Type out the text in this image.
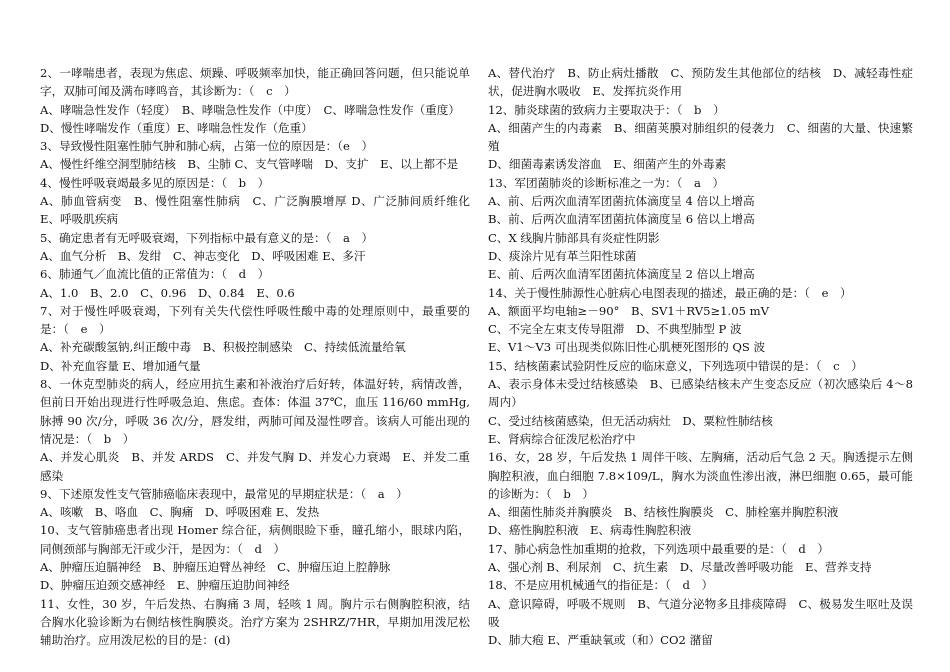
2、一哮喘患者，表现为焦虑、烦躁、呼吸频率加快，能正确回答问题，但只能说单字，双肺可闻及满布哮鸣音，其诊断为：（　c　）

A、哮喘急性发作（轻度）　B、哮喘急性发作（中度）　C、哮喘急性发作（重度）

D、慢性哮喘发作（重度）E、哮喘急性发作（危重）

3、导致慢性阻塞性肺气肿和肺心病，占第一位的原因是：（e　）

A、慢性纤维空洞型肺结核　B、尘肺 C、支气管哮喘　D、支扩　E、以上都不是

4、慢性呼吸衰竭最多见的原因是：（　b　）

A、肺血管病变　B、慢性阻塞性肺病　C、广泛胸膜增厚 D、广泛肺间质纤维化　E、呼吸肌疾病

5、确定患者有无呼吸衰竭，下列指标中最有意义的是：（　a　）

A、血气分析　B、发绀　C、神志变化　D、呼吸困难 E、多汗

6、肺通气／血流比值的正常值为：（　d　）

A、1.0　B、2.0　C、0.96　D、0.84　E、0.6

7、对于慢性呼吸衰竭，下列有关失代偿性呼吸性酸中毒的处理原则中，最重要的是：（　e　）

A、补充碳酸氢钠,纠正酸中毒　B、积极控制感染　C、持续低流量给氧

D、补充血容量 E、增加通气量

8、一休克型肺炎的病人，经应用抗生素和补液治疗后好转，体温好转，病情改善，但前日开始出现进行性呼吸急迫、焦虑。查体：体温 37℃，血压 116/60 mmHg,脉搏 90 次/分，呼吸 36 次/分，唇发绀，两肺可闻及湿性啰音。该病人可能出现的情况是：（　b　）

A、并发心肌炎　B、并发 ARDS　C、并发气胸 D、并发心力衰竭　E、并发二重感染

9、下述原发性支气管肺癌临床表现中，最常见的早期症状是：（　a　）

A、咳嗽　B、咯血　C、胸痛　D、呼吸困难 E、发热

10、支气管肺癌患者出现 Homer 综合征，病侧眼睑下垂，瞳孔缩小，眼球内陷，同侧颈部与胸部无汗或少汗，是因为：（　d　）

A、肿瘤压迫膈神经　B、肿瘤压迫臂丛神经　C、肿瘤压迫上腔静脉

D、肿瘤压迫颈交感神经　E、肿瘤压迫肋间神经

11、女性，30 岁，午后发热、右胸痛 3 周，轻咳 1 周。胸片示右侧胸腔积液，结合胸水化验诊断为右侧结核性胸膜炎。治疗方案为 2SHRZ/7HR，早期加用泼尼松辅助治疗。应用泼尼松的目的是：(d)

A、替代治疗　B、防止病灶播散　C、预防发生其他部位的结核　D、减轻毒性症状，促进胸水吸收　E、发挥抗炎作用

12、肺炎球菌的致病力主要取决于：（　b　）

A、细菌产生的内毒素　B、细菌荚膜对肺组织的侵袭力　C、细菌的大量、快速繁殖

D、细菌毒素诱发溶血　E、细菌产生的外毒素

13、军团菌肺炎的诊断标准之一为：（　a　）

A、前、后两次血清军团菌抗体滴度呈 4 倍以上增高

B、前、后两次血清军团菌抗体滴度呈 6 倍以上增高

C、X 线胸片肺部具有炎症性阴影

D、痰涂片见有革兰阳性球菌

E、前、后两次血清军团菌抗体滴度呈 2 倍以上增高

14、关于慢性肺源性心脏病心电图表现的描述，最正确的是：（　e　）

A、额面平均电轴≥－90°　B、SV1＋RV5≥1.05 mV

C、不完全左束支传导阻滞　D、不典型肺型 P 波

E、V1～V3 可出现类似陈旧性心肌梗死图形的 QS 波

15、结核菌素试验阴性反应的临床意义，下列选项中错误的是：（　c　）

A、表示身体未受过结核感染　B、已感染结核未产生变态反应（初次感染后 4～8 周内）

C、受过结核菌感染，但无活动病灶　D、粟粒性肺结核

E、肾病综合征泼尼松治疗中

16、女，28 岁，午后发热 1 周伴干咳、左胸痛，活动后气急 2 天。胸透提示左侧胸腔积液，血白细胞 7.8×109/L，胸水为淡血性渗出液，淋巴细胞 0.65，最可能的诊断为：（　b　）

A、细菌性肺炎并胸膜炎　B、结核性胸膜炎　C、肺栓塞并胸腔积液

D、癌性胸腔积液　E、病毒性胸腔积液

17、肺心病急性加重期的抢救，下列选项中最重要的是：（　d　）

A、强心剂 B、利尿剂　C、抗生素　D、尽量改善呼吸功能　E、营养支持

18、不是应用机械通气的指征是：（　d　）

A、意识障碍，呼吸不规则　B、气道分泌物多且排痰障碍　C、极易发生呕吐及误吸

D、肺大疱 E、严重缺氧或（和）CO2 潴留
